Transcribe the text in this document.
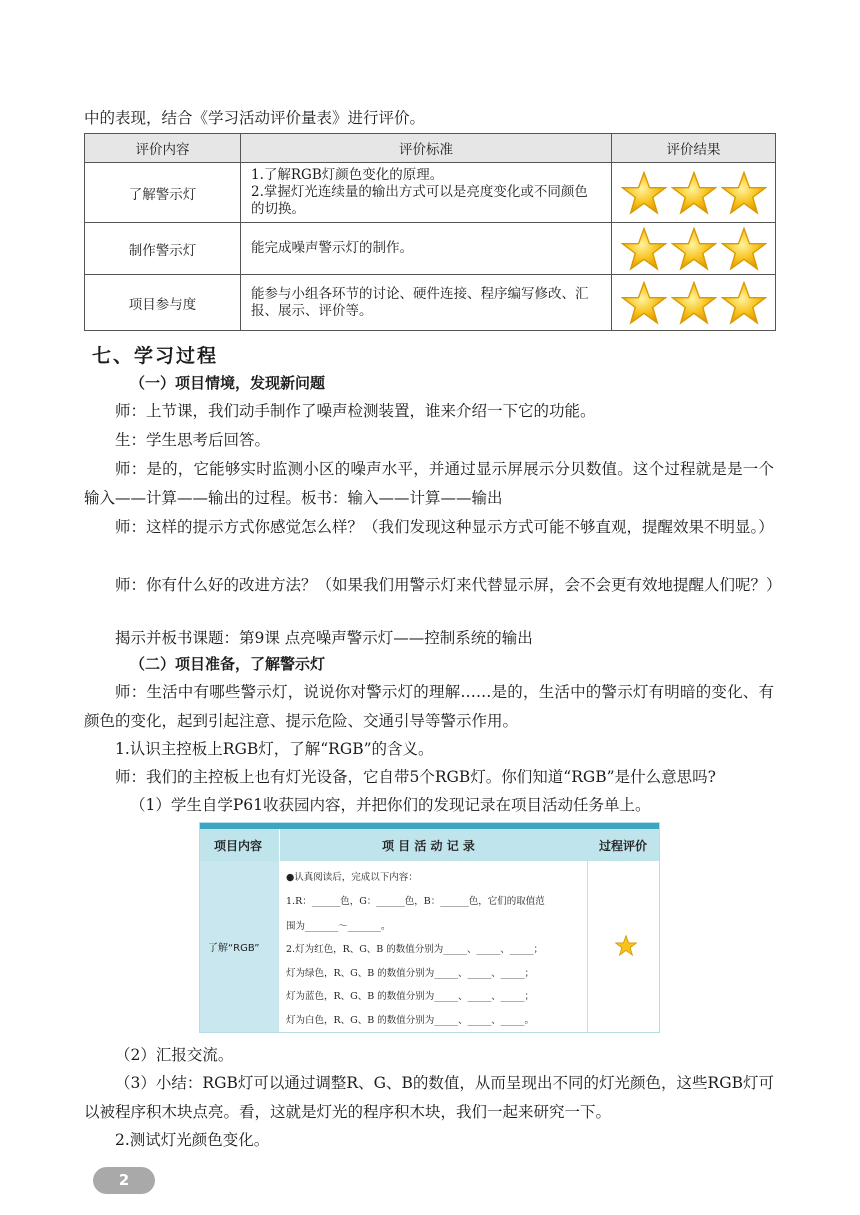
中的表现，结合《学习活动评价量表》进行评价。
评价内容	评价标准	评价结果
了解警示灯	1.了解RGB灯颜色变化的原理。
2.掌握灯光连续量的输出方式可以是亮度变化或不同颜色的切换。

制作警示灯	能完成噪声警示灯的制作。

项目参与度	能参与小组各环节的讨论、硬件连接、程序编写修改、汇报、展示、评价等。

七、学习过程
（一）项目情境，发现新问题
师：上节课，我们动手制作了噪声检测装置，谁来介绍一下它的功能。
生：学生思考后回答。
师：是的，它能够实时监测小区的噪声水平，并通过显示屏展示分贝数值。这个过程就是是一个输入——计算——输出的过程。板书：输入——计算——输出
师：这样的提示方式你感觉怎么样？（我们发现这种显示方式可能不够直观，提醒效果不明显。）
师：你有什么好的改进方法？（如果我们用警示灯来代替显示屏，会不会更有效地提醒人们呢？）
揭示并板书课题：第9课 点亮噪声警示灯——控制系统的输出
（二）项目准备，了解警示灯
师：生活中有哪些警示灯，说说你对警示灯的理解……是的，生活中的警示灯有明暗的变化、有颜色的变化，起到引起注意、提示危险、交通引导等警示作用。
1.认识主控板上RGB灯，了解“RGB”的含义。
师：我们的主控板上也有灯光设备，它自带5个RGB灯。你们知道“RGB”是什么意思吗?
（1）学生自学P61收获园内容，并把你们的发现记录在项目活动任务单上。
项目内容	项 目 活 动 记 录	过程评价
了解“RGB”
●认真阅读后，完成以下内容：
1.R：______色，G：______色，B：______色，它们的取值范
围为_______～_______。
2.灯为红色，R、G、B 的数值分别为_____、_____、_____；
灯为绿色，R、G、B 的数值分别为_____、_____、_____；
灯为蓝色，R、G、B 的数值分别为_____、_____、_____；
灯为白色，R、G、B 的数值分别为_____、_____、_____。
（2）汇报交流。
（3）小结：RGB灯可以通过调整R、G、B的数值，从而呈现出不同的灯光颜色，这些RGB灯可以被程序积木块点亮。看，这就是灯光的程序积木块，我们一起来研究一下。
2.测试灯光颜色变化。
2
